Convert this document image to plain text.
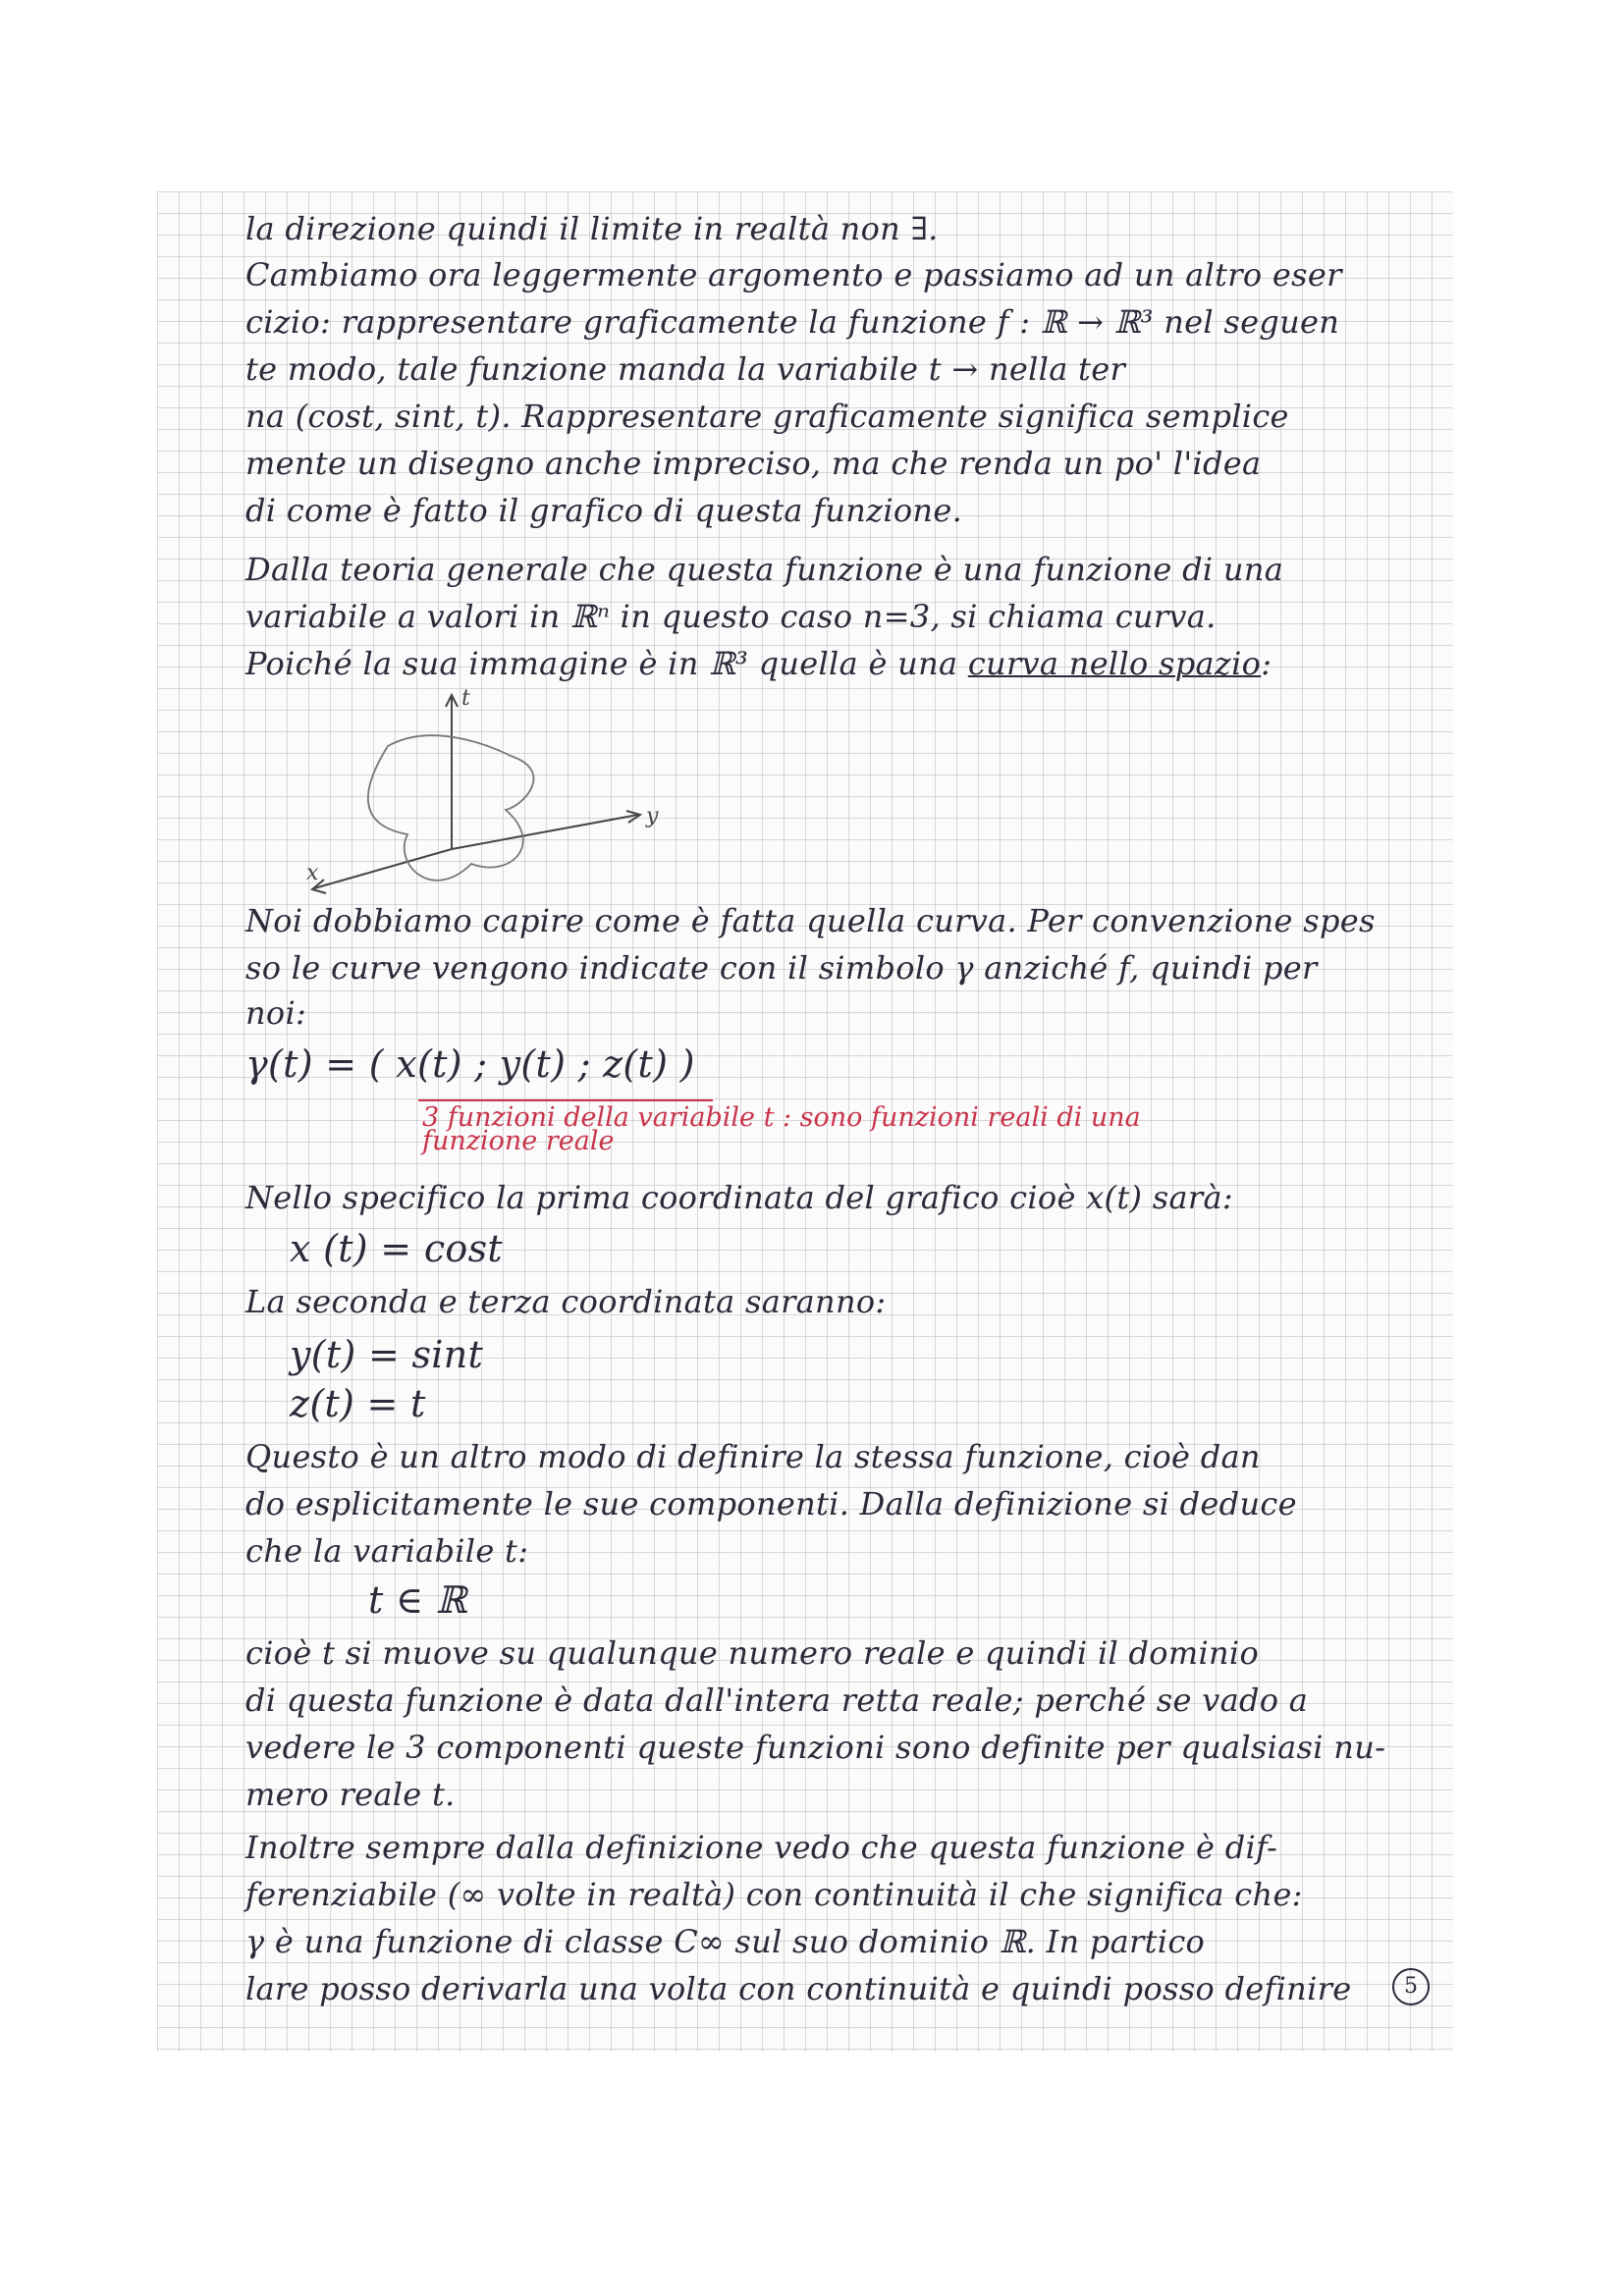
la direzione quindi il limite in realtà non ∃.
Cambiamo ora leggermente argomento e passiamo ad un altro eser
cizio: rappresentare graficamente la funzione f : ℝ → ℝ³ nel seguen
te modo, tale funzione manda la variabile t → nella ter
na (cost, sint, t). Rappresentare graficamente significa semplice
mente un disegno anche impreciso, ma che renda un po' l'idea
di come è fatto il grafico di questa funzione.
Dalla teoria generale che questa funzione è una funzione di una
variabile a valori in ℝⁿ in questo caso n=3, si chiama curva.
Poiché la sua immagine è in ℝ³ quella è una curva nello spazio:
t
y
x
Noi dobbiamo capire come è fatta quella curva. Per convenzione spes
so le curve vengono indicate con il simbolo γ anziché f, quindi per
noi:
γ(t) = ( x(t) ; y(t) ; z(t) )
3 funzioni della variabile t : sono funzioni reali di una
funzione reale
Nello specifico la prima coordinata del grafico cioè x(t) sarà:
x (t) = cost
La seconda e terza coordinata saranno:
y(t) = sint
z(t) = t
Questo è un altro modo di definire la stessa funzione, cioè dan
do esplicitamente le sue componenti. Dalla definizione si deduce
che la variabile t:
t ∈ ℝ
cioè t si muove su qualunque numero reale e quindi il dominio
di questa funzione è data dall'intera retta reale; perché se vado a
vedere le 3 componenti queste funzioni sono definite per qualsiasi nu-
mero reale t.
Inoltre sempre dalla definizione vedo che questa funzione è dif-
ferenziabile (∞ volte in realtà) con continuità il che significa che:
γ è una funzione di classe C∞ sul suo dominio ℝ. In partico
lare posso derivarla una volta con continuità e quindi posso definire	5
